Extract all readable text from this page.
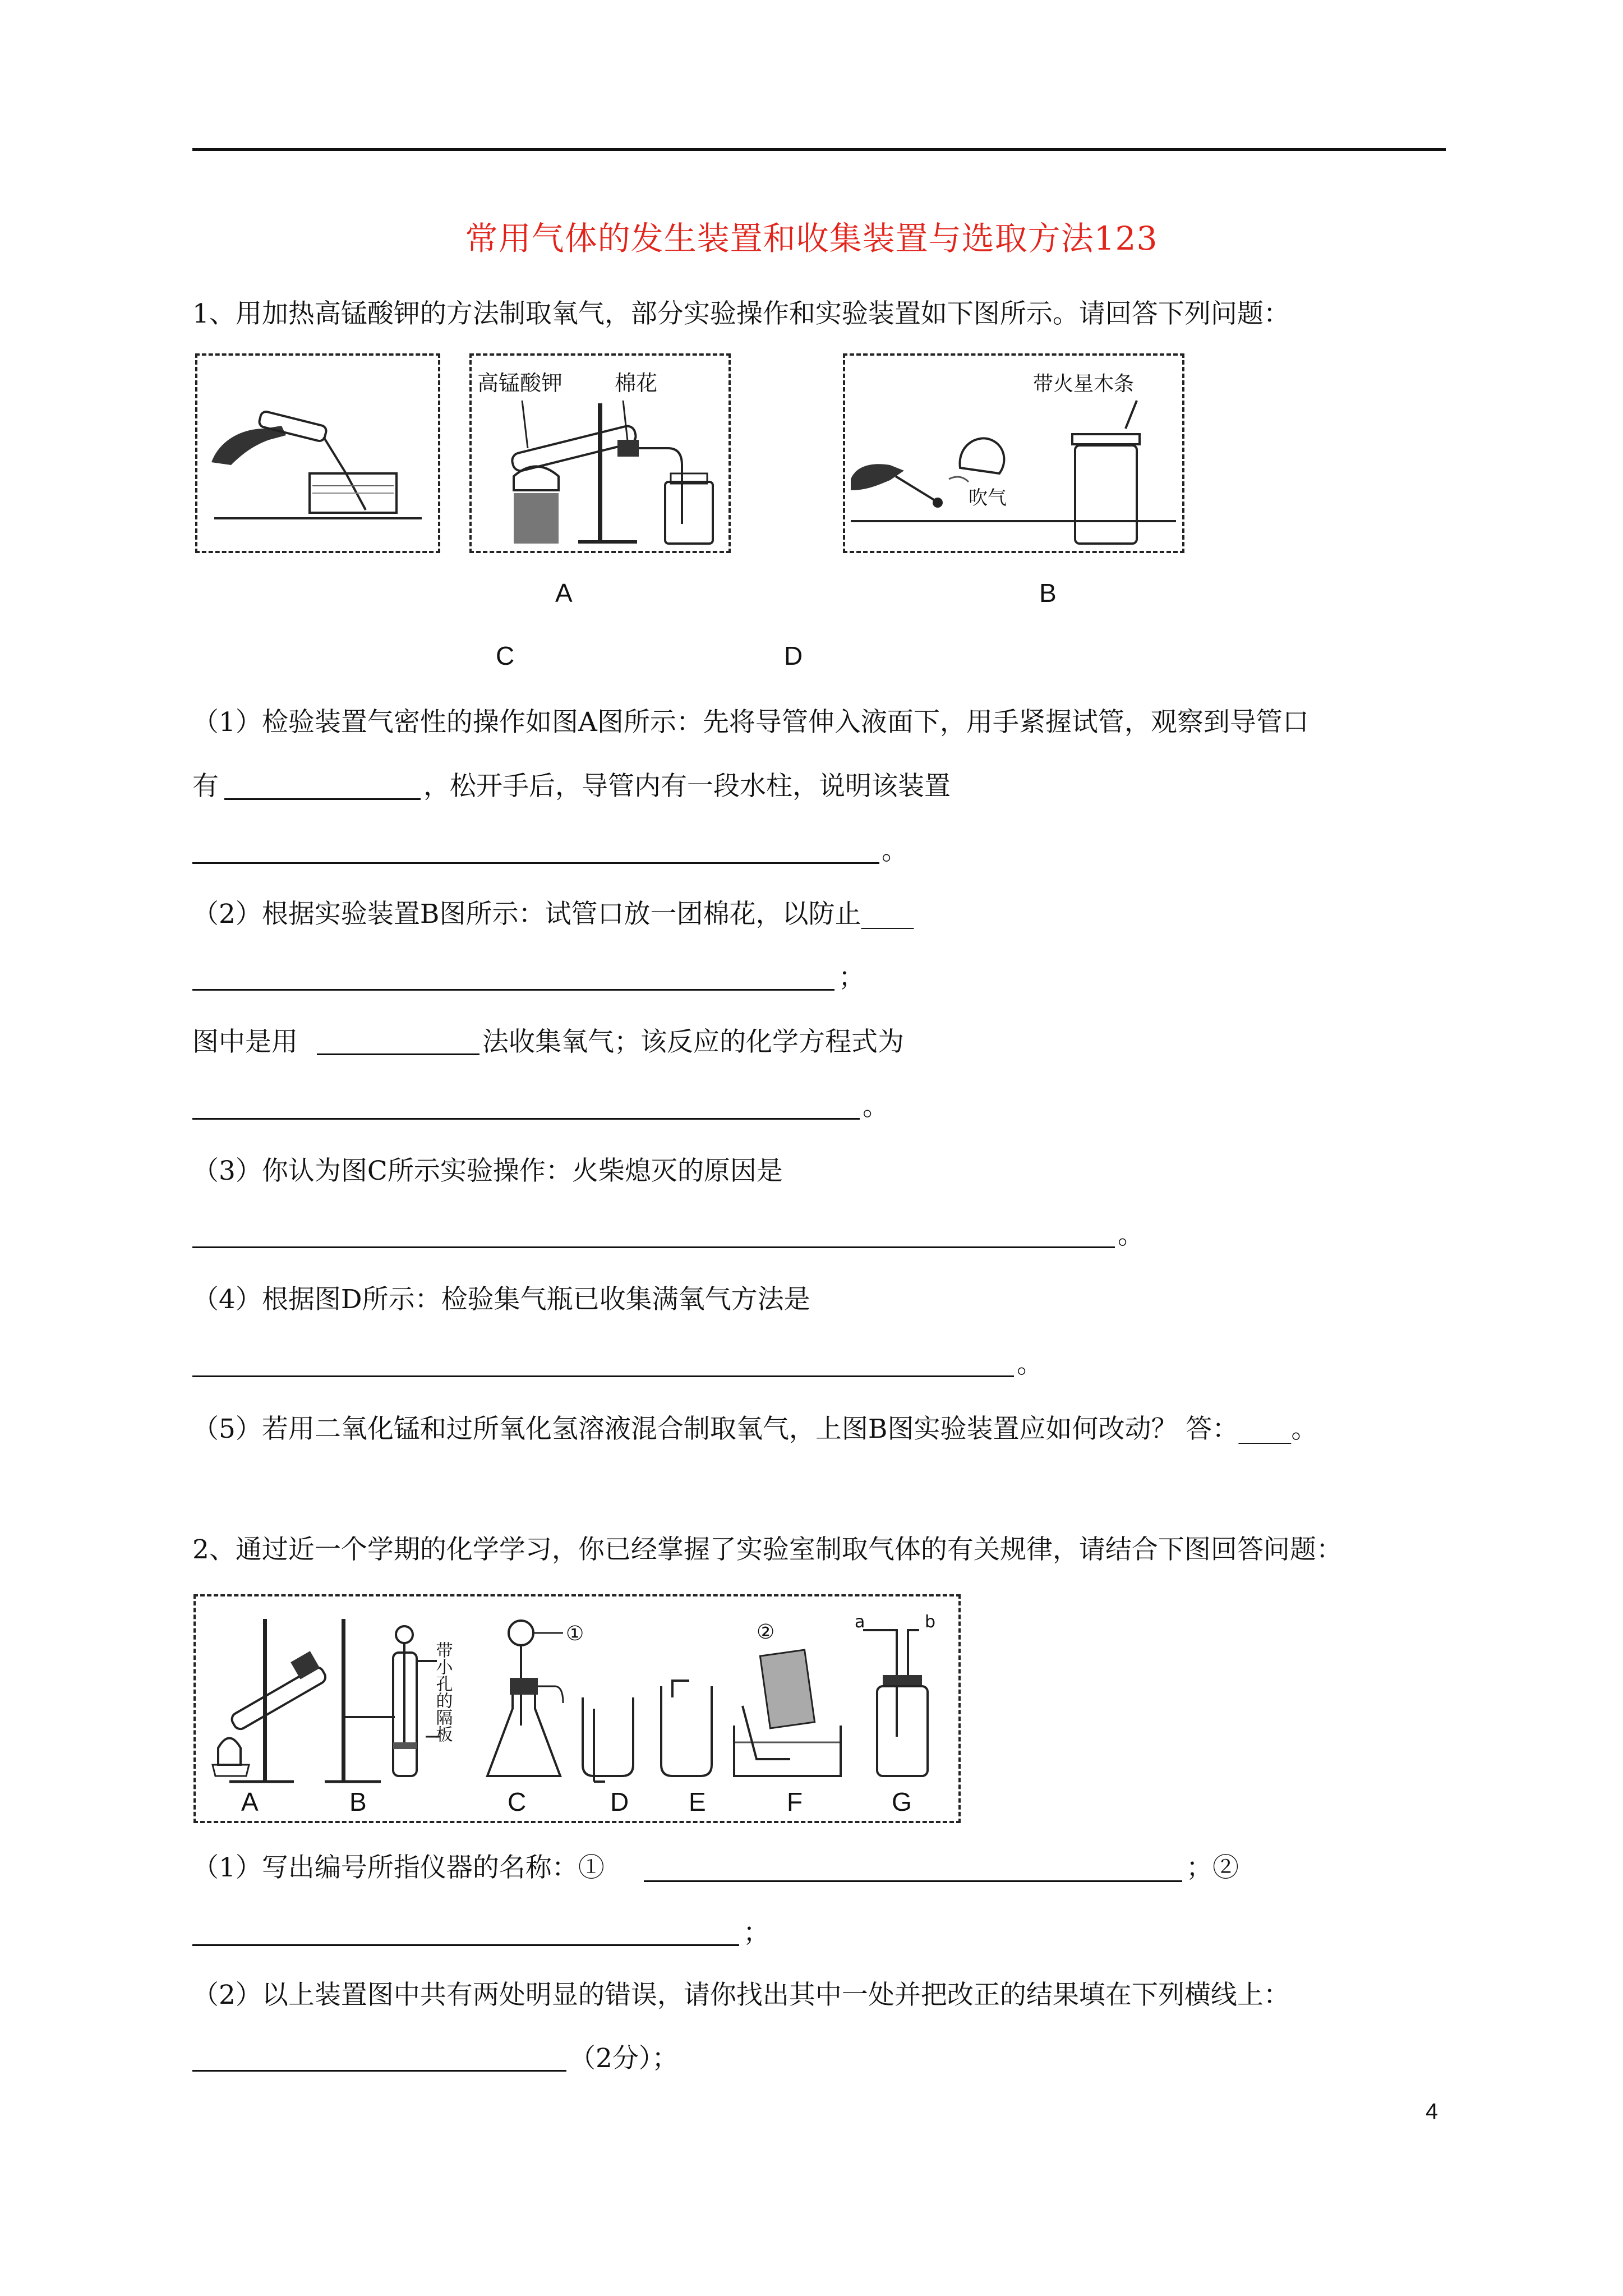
常用气体的发生装置和收集装置与选取方法123
1、用加热高锰酸钾的方法制取氧气，部分实验操作和实验装置如下图所示。请回答下列问题：
高锰酸钾 棉花
吹气
带火星木条
A	B
C	D
（1）检验装置气密性的操作如图A图所示：先将导管伸入液面下，用手紧握试管，观察到导管口
有	，松开手后，导管内有一段水柱，说明该装置
。
（2）根据实验装置B图所示：试管口放一团棉花，以防止____
；
图中是用	法收集氧气；该反应的化学方程式为
。
（3）你认为图C所示实验操作：火柴熄灭的原因是
。
（4）根据图D所示：检验集气瓶已收集满氧气方法是
。
（5）若用二氧化锰和过所氧化氢溶液混合制取氧气，上图B图实验装置应如何改动？ 答：____。
2、通过近一个学期的化学学习，你已经掌握了实验室制取气体的有关规律，请结合下图回答问题：
带小孔的隔板
①	②	a	b
A	B	C	D E	F	G
（1）写出编号所指仪器的名称：①	；②
；
（2）以上装置图中共有两处明显的错误，请你找出其中一处并把改正的结果填在下列横线上：
（2分）；
4
